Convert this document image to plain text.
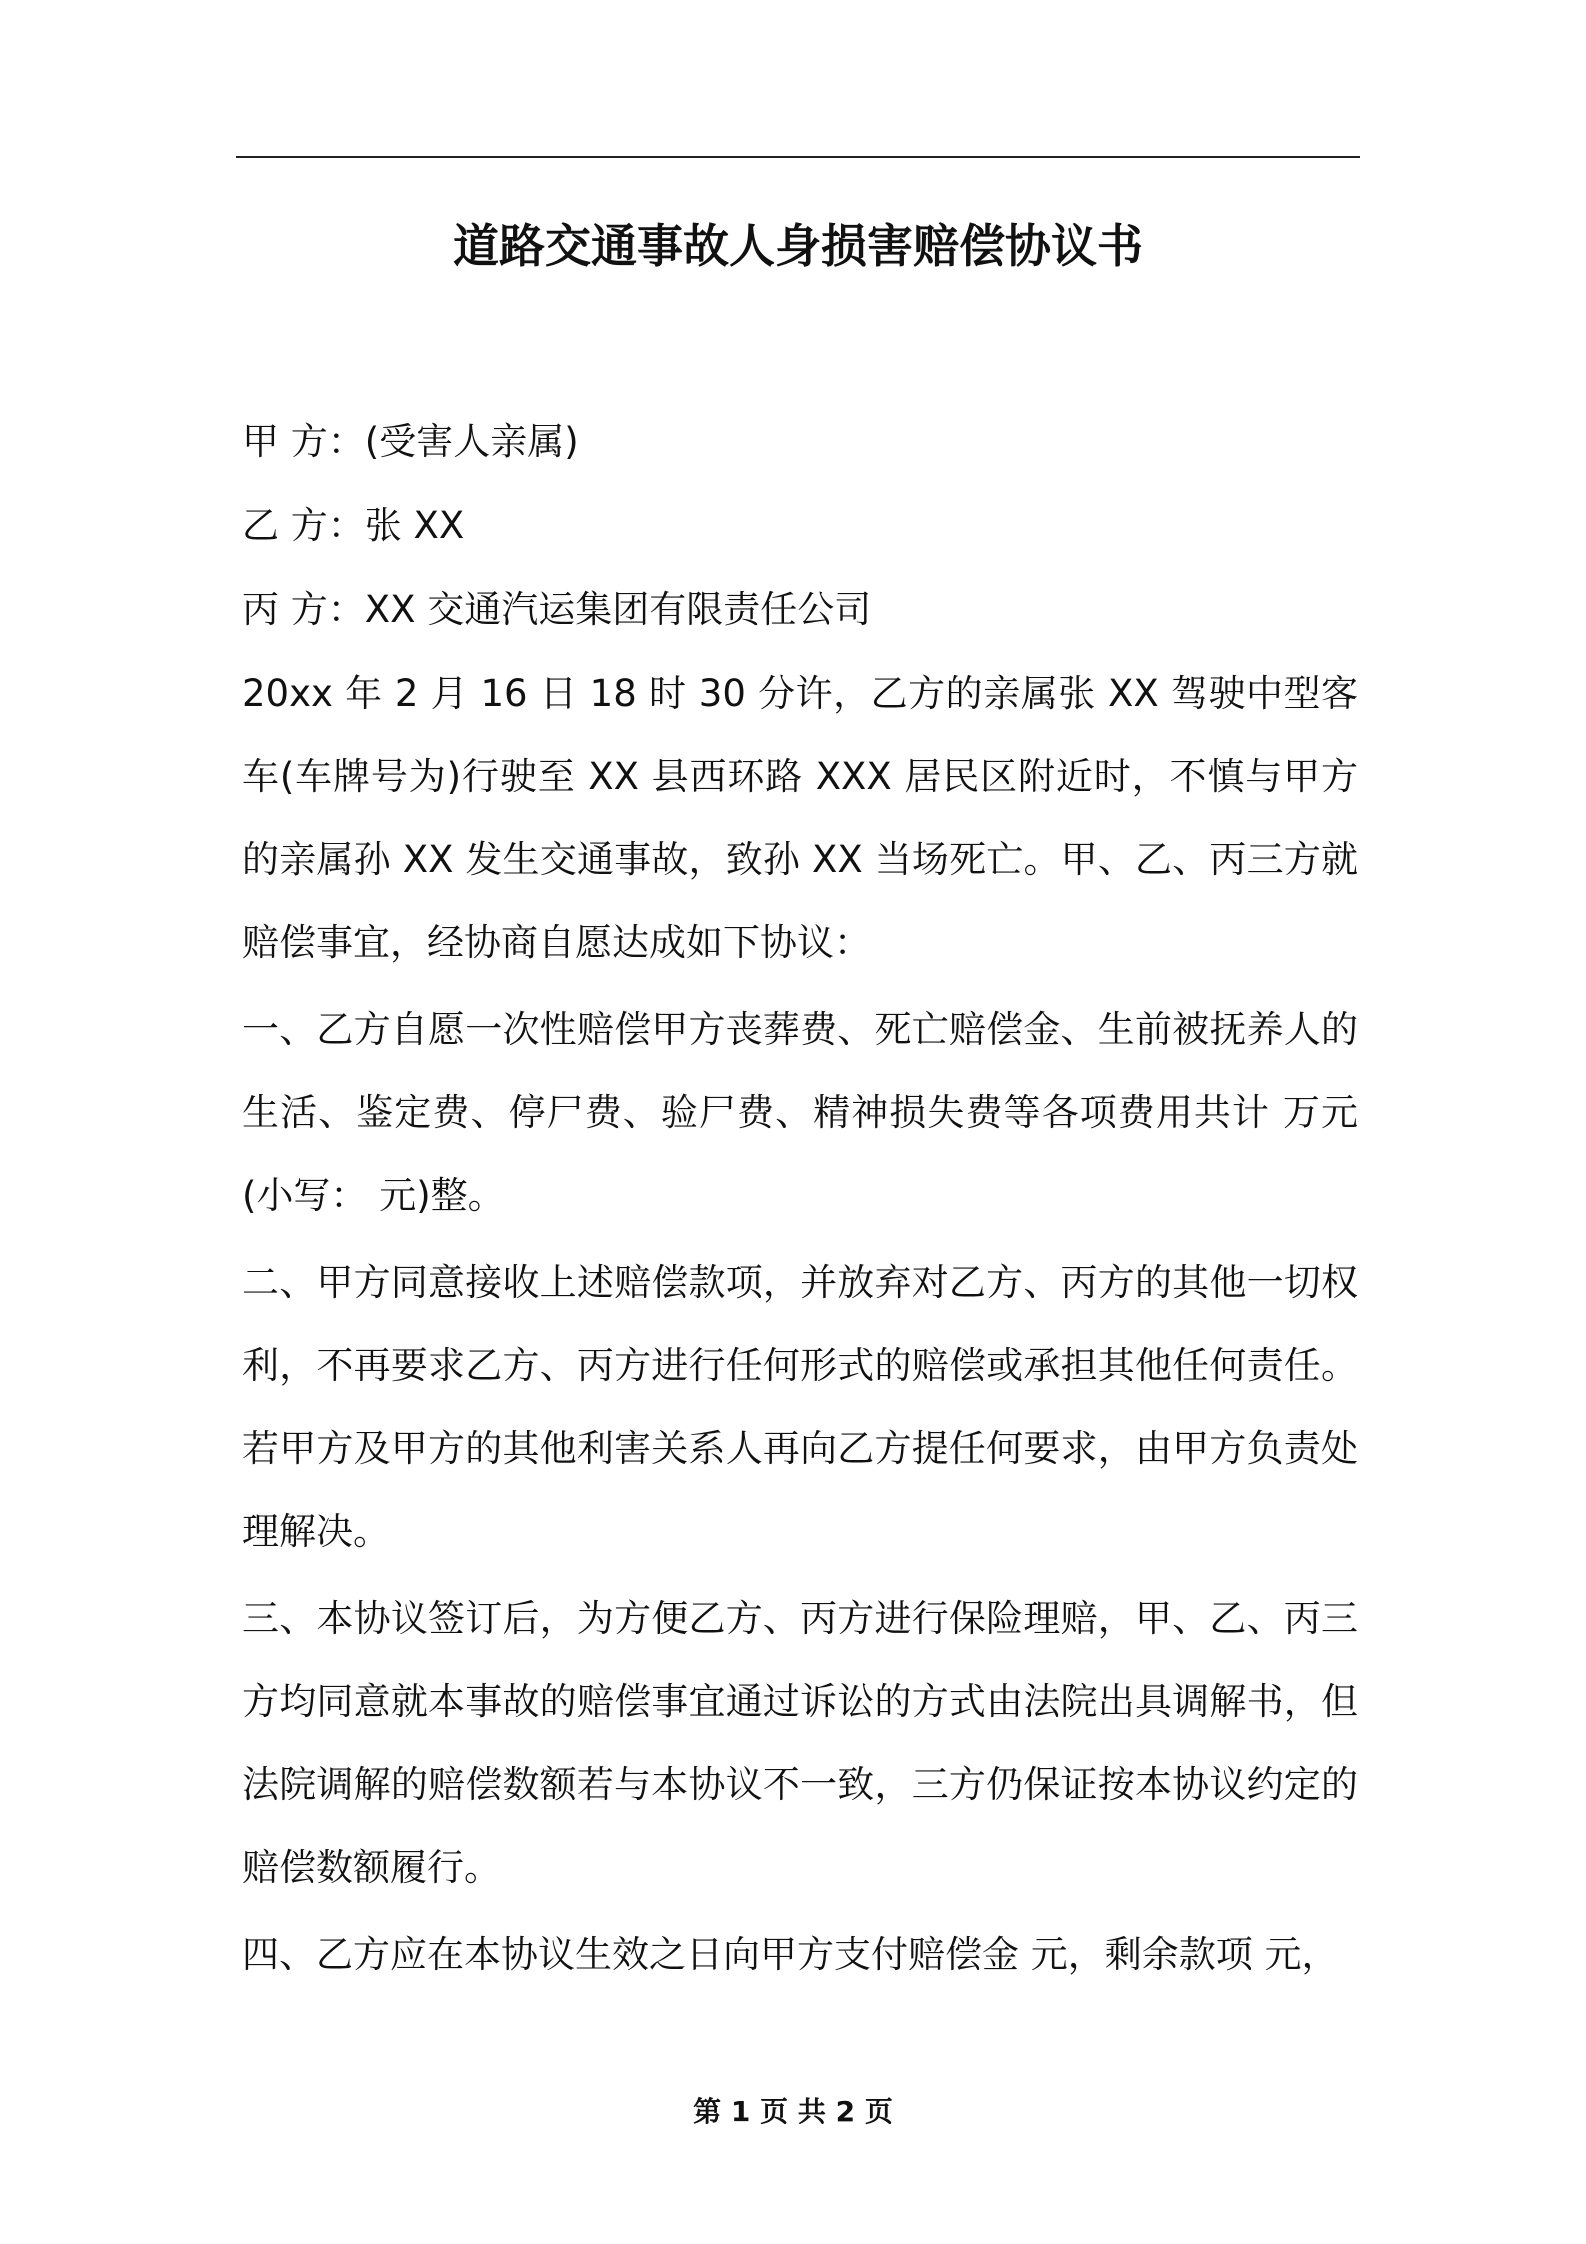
道路交通事故人身损害赔偿协议书
甲 方：(受害人亲属)
乙 方：张 XX
丙 方：XX 交通汽运集团有限责任公司

20xx 年 2 月 16 日 18 时 30 分许，乙方的亲属张 XX 驾驶中型客车(车牌号为)行驶至 XX 县西环路 XXX 居民区附近时，不慎与甲方的亲属孙 XX 发生交通事故，致孙 XX 当场死亡。甲、乙、丙三方就赔偿事宜，经协商自愿达成如下协议：

一、乙方自愿一次性赔偿甲方丧葬费、死亡赔偿金、生前被抚养人的生活、鉴定费、停尸费、验尸费、精神损失费等各项费用共计 万元(小写： 元)整。

二、甲方同意接收上述赔偿款项，并放弃对乙方、丙方的其他一切权利，不再要求乙方、丙方进行任何形式的赔偿或承担其他任何责任。若甲方及甲方的其他利害关系人再向乙方提任何要求，由甲方负责处理解决。

三、本协议签订后，为方便乙方、丙方进行保险理赔，甲、乙、丙三方均同意就本事故的赔偿事宜通过诉讼的方式由法院出具调解书，但法院调解的赔偿数额若与本协议不一致，三方仍保证按本协议约定的赔偿数额履行。

四、乙方应在本协议生效之日向甲方支付赔偿金 元，剩余款项 元，

第 1 页 共 2 页
